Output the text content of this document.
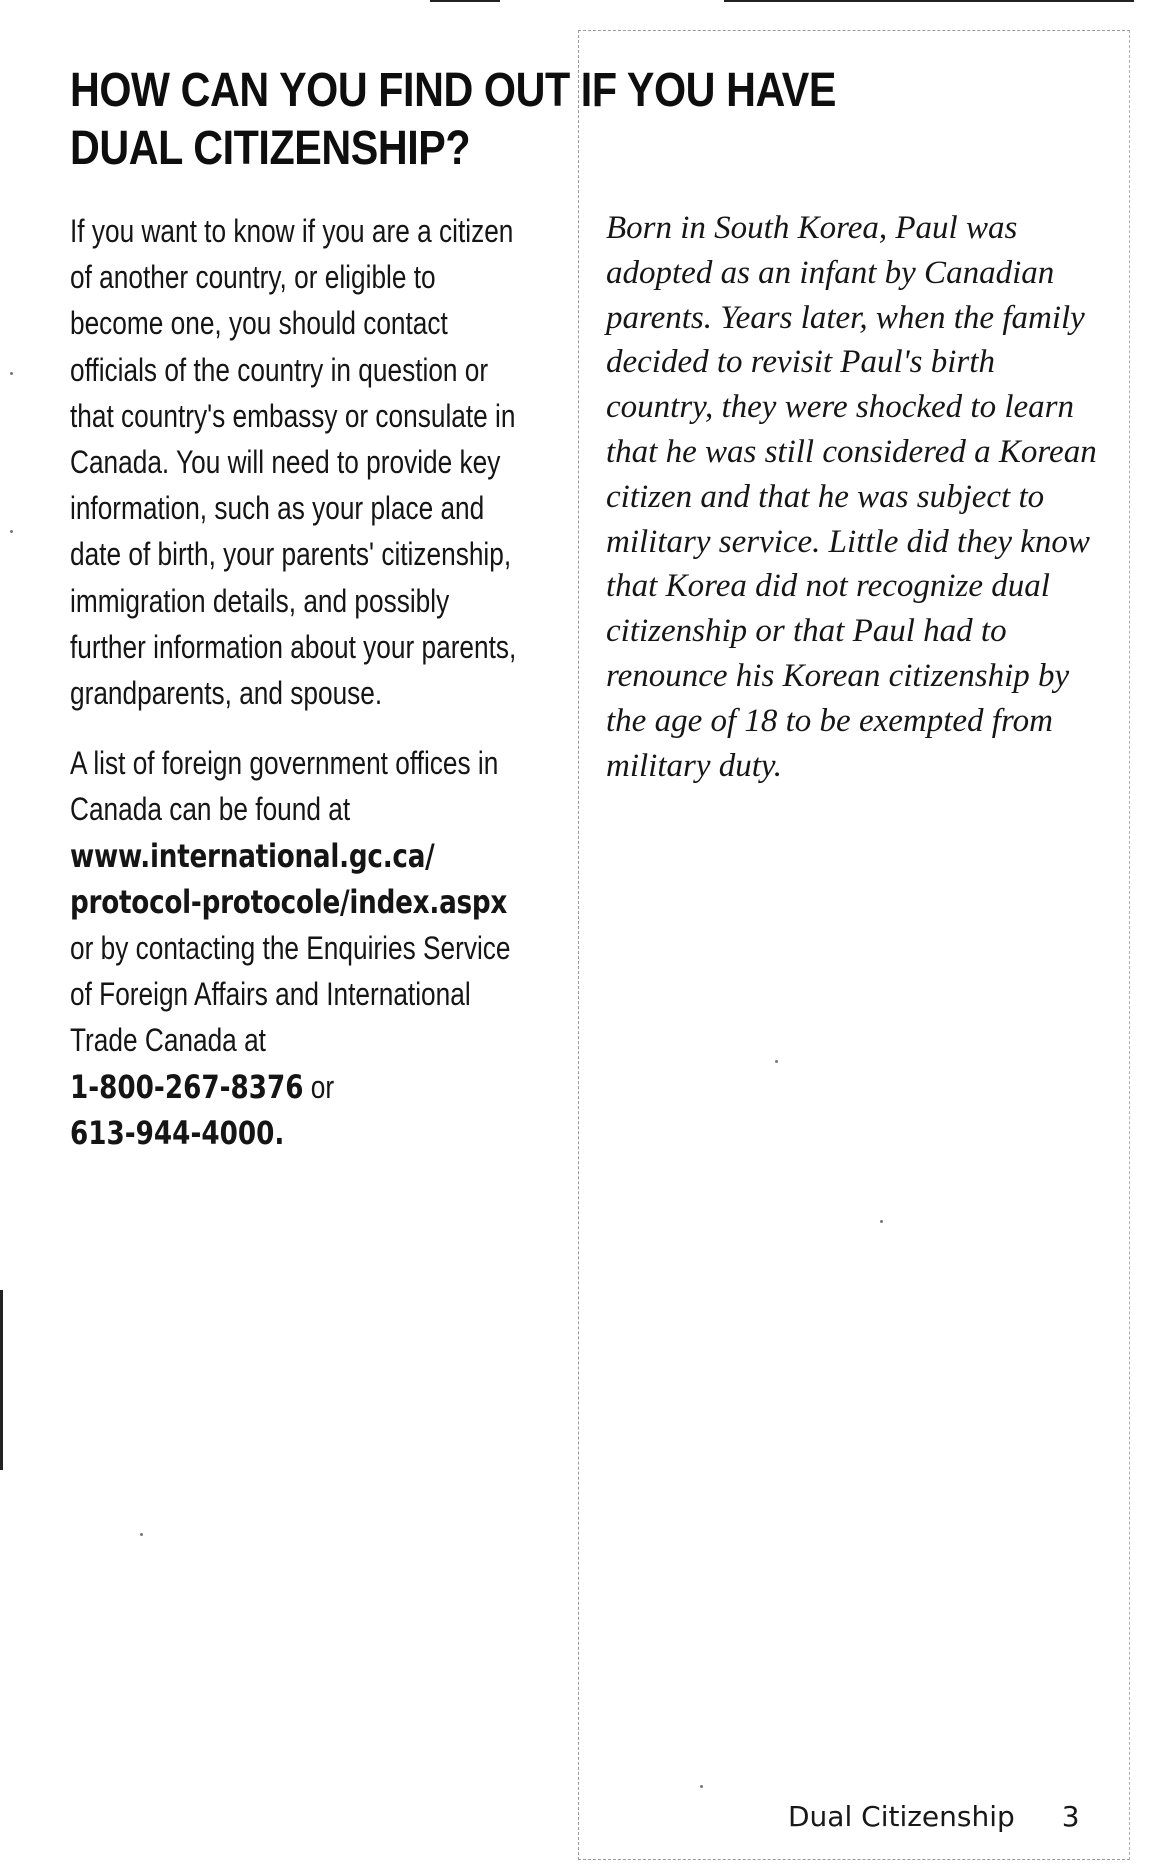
HOW CAN YOU FIND OUT IF YOU HAVE
DUAL CITIZENSHIP?

If you want to know if you are a citizen of another country, or eligible to become one, you should contact officials of the country in question or that country's embassy or consulate in Canada. You will need to provide key information, such as your place and date of birth, your parents' citizenship, immigration details, and possibly further information about your parents, grandparents, and spouse.

A list of foreign government offices in Canada can be found at
www.international.gc.ca/
protocol-protocole/index.aspx
or by contacting the Enquiries Service of Foreign Affairs and International Trade Canada at
1-800-267-8376 or
613-944-4000.

Born in South Korea, Paul was adopted as an infant by Canadian parents. Years later, when the family decided to revisit Paul's birth country, they were shocked to learn that he was still considered a Korean citizen and that he was subject to military service. Little did they know that Korea did not recognize dual citizenship or that Paul had to renounce his Korean citizenship by the age of 18 to be exempted from military duty.

Dual Citizenship 3
